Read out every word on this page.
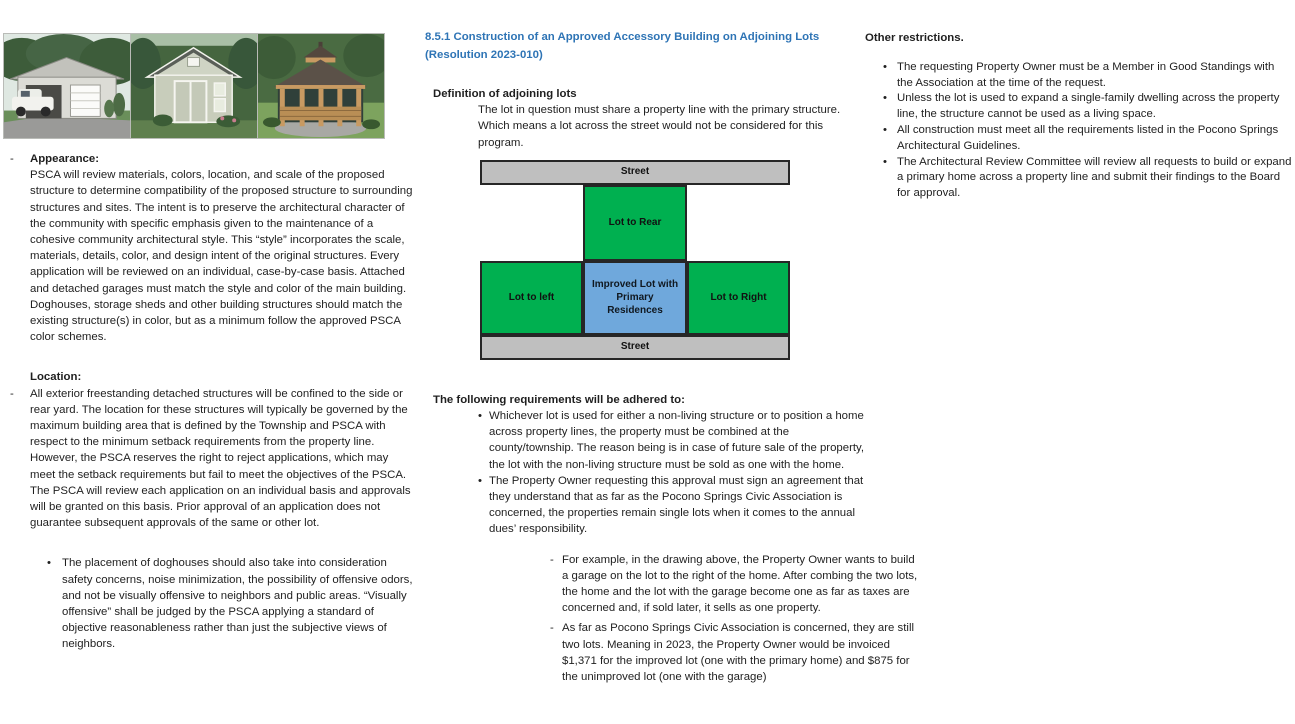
- Appearance:
PSCA will review materials, colors, location, and scale of the proposed structure to determine compatibility of the proposed structure to surrounding structures and sites. The intent is to preserve the architectural character of the community with specific emphasis given to the maintenance of a cohesive community architectural style. This “style” incorporates the scale, materials, details, color, and design intent of the original structures. Every application will be reviewed on an individual, case-by-case basis. Attached and detached garages must match the style and color of the main building. Doghouses, storage sheds and other building structures should match the existing structure(s) in color, but as a minimum follow the approved PSCA color schemes.
Location:
- All exterior freestanding detached structures will be confined to the side or rear yard. The location for these structures will typically be governed by the maximum building area that is defined by the Township and PSCA with respect to the minimum setback requirements from the property line. However, the PSCA reserves the right to reject applications, which may meet the setback requirements but fail to meet the objectives of the PSCA. The PSCA will review each application on an individual basis and approvals will be granted on this basis. Prior approval of an application does not guarantee subsequent approvals of the same or other lot.
• The placement of doghouses should also take into consideration safety concerns, noise minimization, the possibility of offensive odors, and not be visually offensive to neighbors and public areas. “Visually offensive” shall be judged by the PSCA applying a standard of objective reasonableness rather than just the subjective views of neighbors.
8.5.1 Construction of an Approved Accessory Building on Adjoining Lots (Resolution 2023-010)
Definition of adjoining lots
The lot in question must share a property line with the primary structure. Which means a lot across the street would not be considered for this program.
Street
Lot to Rear
Lot to left
Improved Lot with Primary Residences
Lot to Right
Street
The following requirements will be adhered to:
• Whichever lot is used for either a non-living structure or to position a home across property lines, the property must be combined at the county/township. The reason being is in case of future sale of the property, the lot with the non-living structure must be sold as one with the home.
• The Property Owner requesting this approval must sign an agreement that they understand that as far as the Pocono Springs Civic Association is concerned, the properties remain single lots when it comes to the annual dues’ responsibility.
- For example, in the drawing above, the Property Owner wants to build a garage on the lot to the right of the home. After combing the two lots, the home and the lot with the garage become one as far as taxes are concerned and, if sold later, it sells as one property.
- As far as Pocono Springs Civic Association is concerned, they are still two lots. Meaning in 2023, the Property Owner would be invoiced $1,371 for the improved lot (one with the primary home) and $875 for the unimproved lot (one with the garage)
Other restrictions.
• The requesting Property Owner must be a Member in Good Standings with the Association at the time of the request.
• Unless the lot is used to expand a single-family dwelling across the property line, the structure cannot be used as a living space.
• All construction must meet all the requirements listed in the Pocono Springs Architectural Guidelines.
• The Architectural Review Committee will review all requests to build or expand a primary home across a property line and submit their findings to the Board for approval.
